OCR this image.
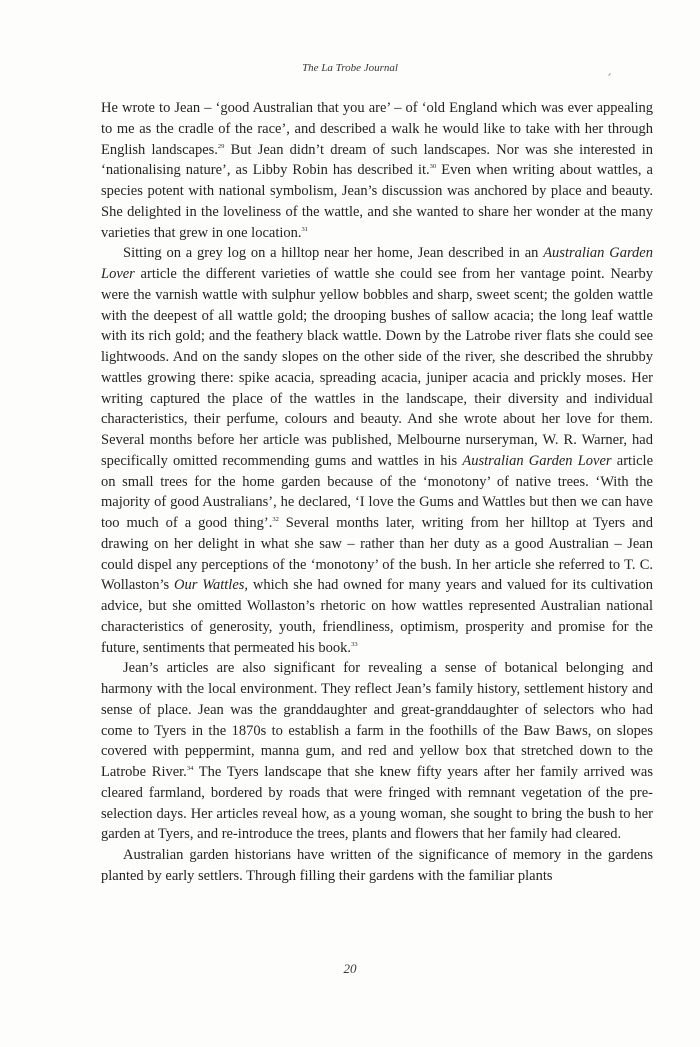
The La Trobe Journal

He wrote to Jean – ‘good Australian that you are’ – of ‘old England which was ever appealing to me as the cradle of the race’, and described a walk he would like to take with her through English landscapes.$^{29}$ But Jean didn’t dream of such landscapes. Nor was she interested in ‘nationalising nature’, as Libby Robin has described it.$^{30}$ Even when writing about wattles, a species potent with national symbolism, Jean’s discussion was anchored by place and beauty. She delighted in the loveliness of the wattle, and she wanted to share her wonder at the many varieties that grew in one location.$^{31}$

Sitting on a grey log on a hilltop near her home, Jean described in an Australian Garden Lover article the different varieties of wattle she could see from her vantage point. Nearby were the varnish wattle with sulphur yellow bobbles and sharp, sweet scent; the golden wattle with the deepest of all wattle gold; the drooping bushes of sallow acacia; the long leaf wattle with its rich gold; and the feathery black wattle. Down by the Latrobe river flats she could see lightwoods. And on the sandy slopes on the other side of the river, she described the shrubby wattles growing there: spike acacia, spreading acacia, juniper acacia and prickly moses. Her writing captured the place of the wattles in the landscape, their diversity and individual characteristics, their perfume, colours and beauty. And she wrote about her love for them. Several months before her article was published, Melbourne nurseryman, W. R. Warner, had specifically omitted recommending gums and wattles in his Australian Garden Lover article on small trees for the home garden because of the ‘monotony’ of native trees. ‘With the majority of good Australians’, he declared, ‘I love the Gums and Wattles but then we can have too much of a good thing’.$^{32}$ Several months later, writing from her hilltop at Tyers and drawing on her delight in what she saw – rather than her duty as a good Australian – Jean could dispel any perceptions of the ‘monotony’ of the bush. In her article she referred to T. C. Wollaston’s Our Wattles, which she had owned for many years and valued for its cultivation advice, but she omitted Wollaston’s rhetoric on how wattles represented Australian national characteristics of generosity, youth, friendliness, optimism, prosperity and promise for the future, sentiments that permeated his book.$^{33}$

Jean’s articles are also significant for revealing a sense of botanical belonging and harmony with the local environment. They reflect Jean’s family history, settlement history and sense of place. Jean was the granddaughter and great-granddaughter of selectors who had come to Tyers in the 1870s to establish a farm in the foothills of the Baw Baws, on slopes covered with peppermint, manna gum, and red and yellow box that stretched down to the Latrobe River.$^{34}$ The Tyers landscape that she knew fifty years after her family arrived was cleared farmland, bordered by roads that were fringed with remnant vegetation of the pre-selection days. Her articles reveal how, as a young woman, she sought to bring the bush to her garden at Tyers, and re-introduce the trees, plants and flowers that her family had cleared.

Australian garden historians have written of the significance of memory in the gardens planted by early settlers. Through filling their gardens with the familiar plants

20
